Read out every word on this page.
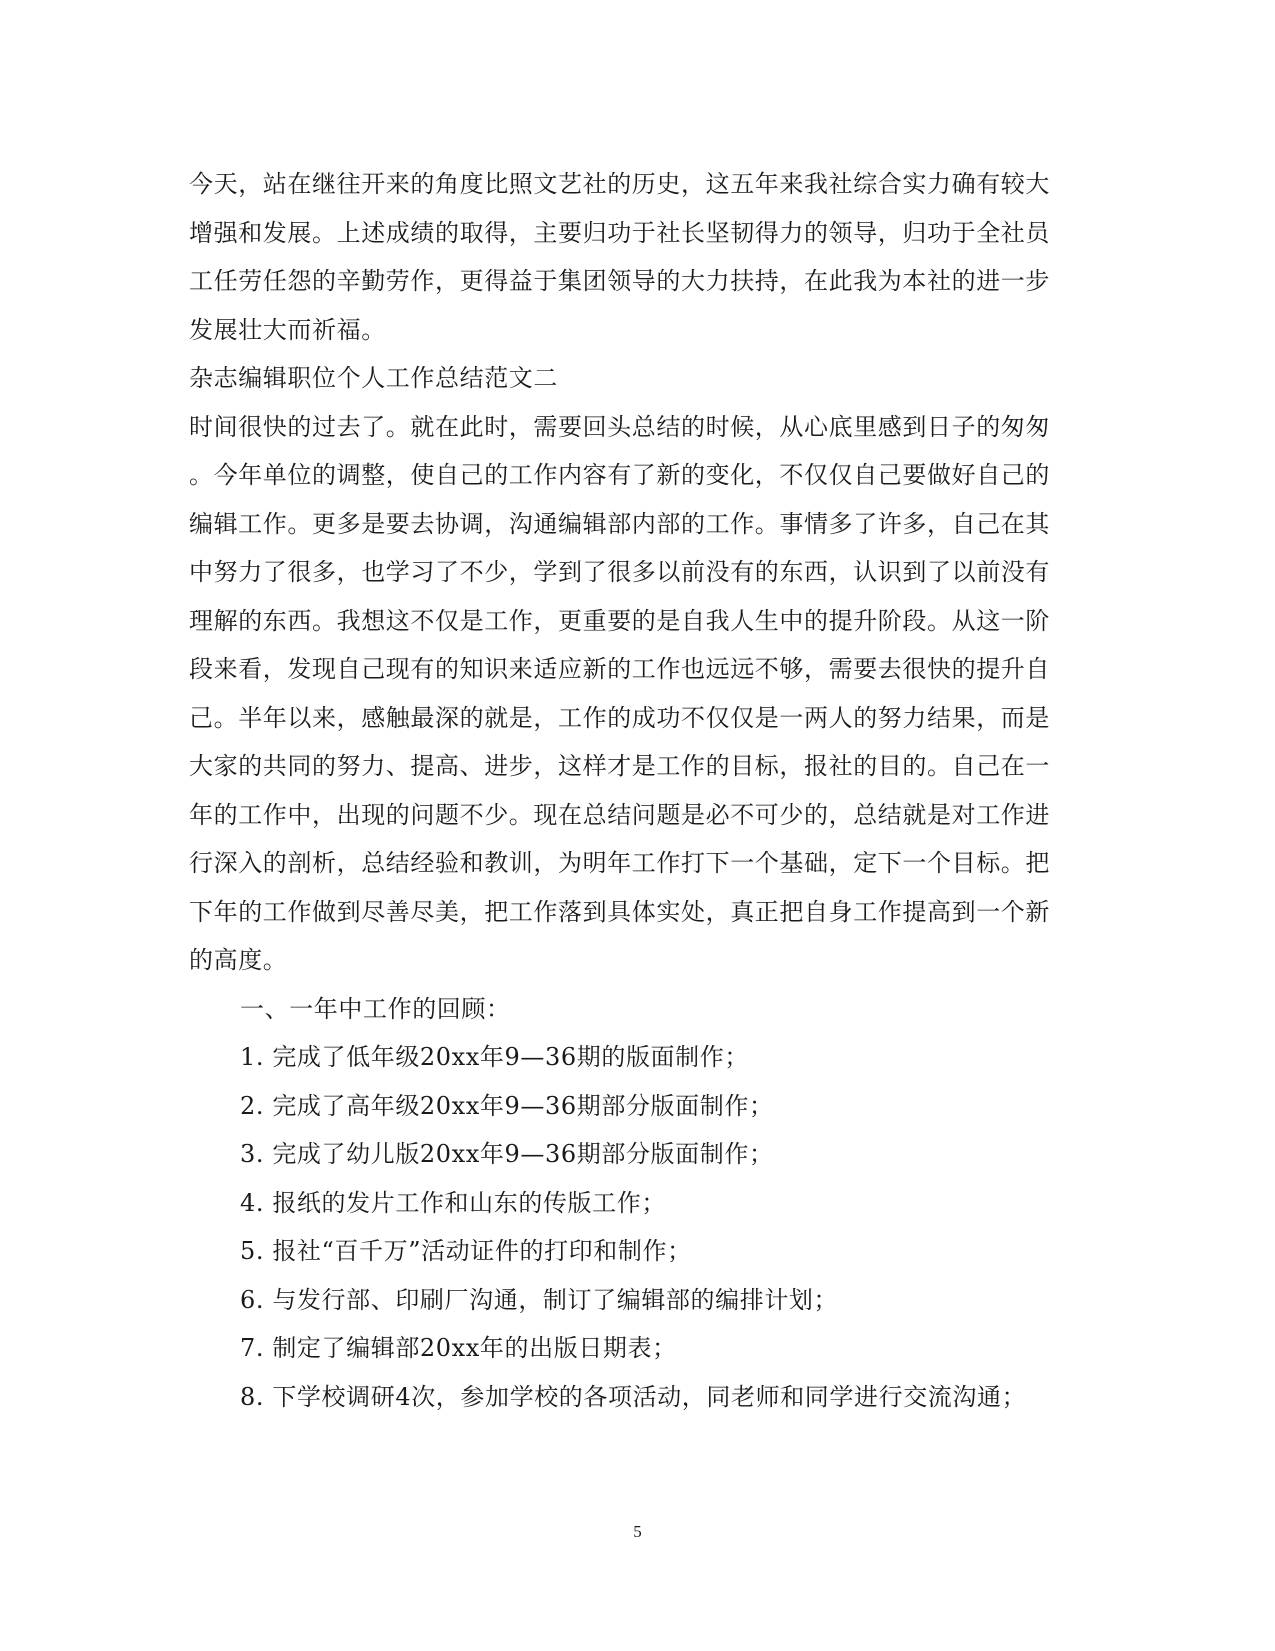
今天，站在继往开来的角度比照文艺社的历史，这五年来我社综合实力确有较大
增强和发展。上述成绩的取得，主要归功于社长坚韧得力的领导，归功于全社员
工任劳任怨的辛勤劳作，更得益于集团领导的大力扶持，在此我为本社的进一步
发展壮大而祈福。
杂志编辑职位个人工作总结范文二
时间很快的过去了。就在此时，需要回头总结的时候，从心底里感到日子的匆匆
。今年单位的调整，使自己的工作内容有了新的变化，不仅仅自己要做好自己的
编辑工作。更多是要去协调，沟通编辑部内部的工作。事情多了许多，自己在其
中努力了很多，也学习了不少，学到了很多以前没有的东西，认识到了以前没有
理解的东西。我想这不仅是工作，更重要的是自我人生中的提升阶段。从这一阶
段来看，发现自己现有的知识来适应新的工作也远远不够，需要去很快的提升自
己。半年以来，感触最深的就是，工作的成功不仅仅是一两人的努力结果，而是
大家的共同的努力、提高、进步，这样才是工作的目标，报社的目的。自己在一
年的工作中，出现的问题不少。现在总结问题是必不可少的，总结就是对工作进
行深入的剖析，总结经验和教训，为明年工作打下一个基础，定下一个目标。把
下年的工作做到尽善尽美，把工作落到具体实处，真正把自身工作提高到一个新
的高度。
一、一年中工作的回顾：
1. 完成了低年级20xx年9—36期的版面制作；
2. 完成了高年级20xx年9—36期部分版面制作；
3. 完成了幼儿版20xx年9—36期部分版面制作；
4. 报纸的发片工作和山东的传版工作；
5. 报社“百千万”活动证件的打印和制作；
6. 与发行部、印刷厂沟通，制订了编辑部的编排计划；
7. 制定了编辑部20xx年的出版日期表；
8. 下学校调研4次，参加学校的各项活动，同老师和同学进行交流沟通；
5
